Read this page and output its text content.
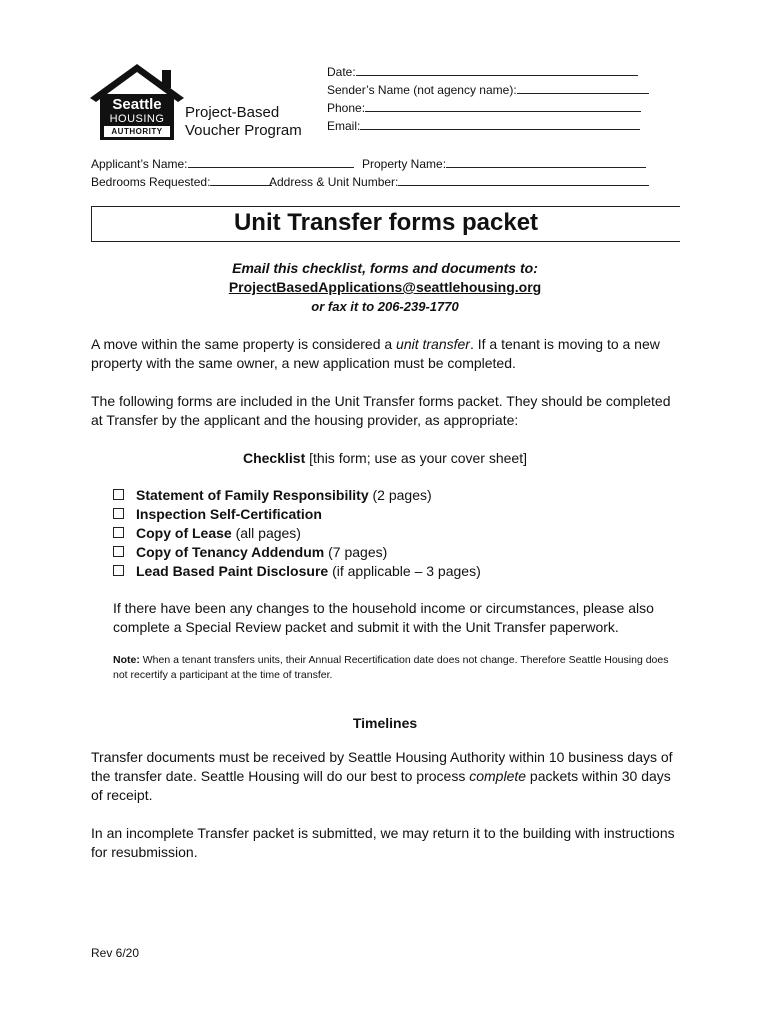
Seattle
HOUSING
AUTHORITY
Project-Based
Voucher Program
Date:
Sender’s Name (not agency name):
Phone:
Email:
Applicant’s Name:	Property Name:
Bedrooms Requested:	Address & Unit Number:
Unit Transfer forms packet
Email this checklist, forms and documents to:
ProjectBasedApplications@seattlehousing.org
or fax it to 206-239-1770
A move within the same property is considered a unit transfer. If a tenant is moving to a new property with the same owner, a new application must be completed.
The following forms are included in the Unit Transfer forms packet. They should be completed at Transfer by the applicant and the housing provider, as appropriate:
Checklist [this form; use as your cover sheet]
Statement of Family Responsibility (2 pages)
Inspection Self-Certification
Copy of Lease (all pages)
Copy of Tenancy Addendum (7 pages)
Lead Based Paint Disclosure (if applicable – 3 pages)
If there have been any changes to the household income or circumstances, please also complete a Special Review packet and submit it with the Unit Transfer paperwork.
Note: When a tenant transfers units, their Annual Recertification date does not change. Therefore Seattle Housing does not recertify a participant at the time of transfer.
Timelines
Transfer documents must be received by Seattle Housing Authority within 10 business days of the transfer date. Seattle Housing will do our best to process complete packets within 30 days of receipt.
In an incomplete Transfer packet is submitted, we may return it to the building with instructions for resubmission.
Rev 6/20
